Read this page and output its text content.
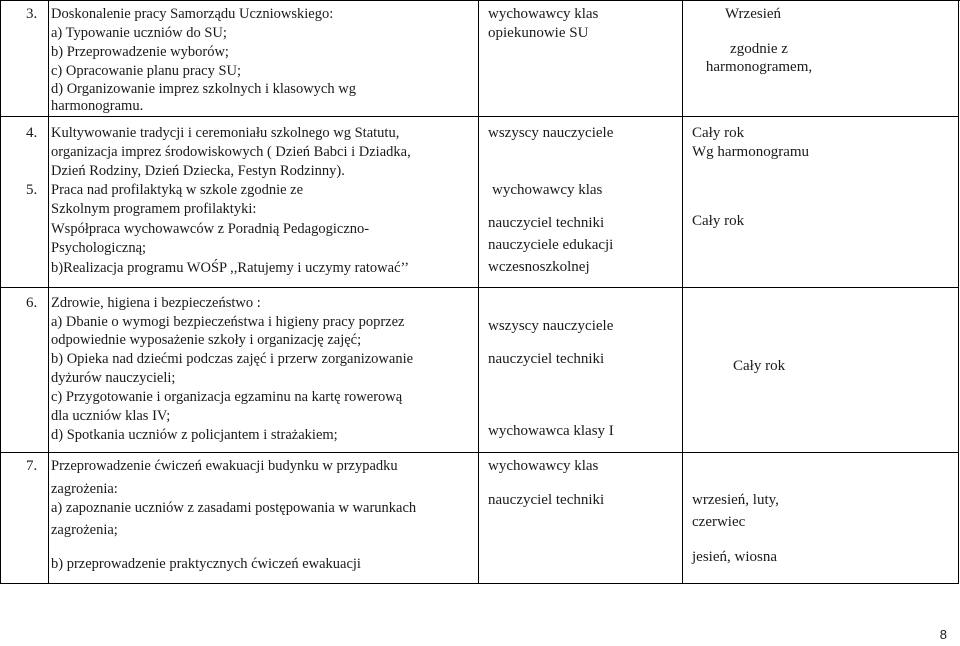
3. Doskonalenie pracy Samorządu Uczniowskiego:
a) Typowanie uczniów do SU;
b) Przeprowadzenie wyborów;
c) Opracowanie planu pracy SU;
d) Organizowanie imprez szkolnych i klasowych wg
harmonogramu.
wychowawcy klas
opiekunowie SU
Wrzesień
zgodnie z
harmonogramem,
4. Kultywowanie tradycji i ceremoniału szkolnego wg Statutu,
organizacja imprez środowiskowych ( Dzień Babci i Dziadka,
Dzień Rodziny, Dzień Dziecka, Festyn Rodzinny).
5. Praca nad profilaktyką w szkole zgodnie ze
Szkolnym programem profilaktyki:
Współpraca wychowawców z Poradnią Pedagogiczno-
Psychologiczną;
b)Realizacja programu WOŚP ,,Ratujemy i uczymy ratować’’
wszyscy nauczyciele
wychowawcy klas
nauczyciel techniki
nauczyciele edukacji
wczesnoszkolnej
Cały rok
Wg harmonogramu
Cały rok
6. Zdrowie, higiena i bezpieczeństwo :
a) Dbanie o wymogi bezpieczeństwa i higieny pracy poprzez
odpowiednie wyposażenie szkoły i organizację zajęć;
b) Opieka nad dziećmi podczas zajęć i przerw zorganizowanie
dyżurów nauczycieli;
c) Przygotowanie i organizacja egzaminu na kartę rowerową
dla uczniów klas IV;
d) Spotkania uczniów z policjantem i strażakiem;
wszyscy nauczyciele
nauczyciel techniki
wychowawca klasy I
Cały rok
7. Przeprowadzenie ćwiczeń ewakuacji budynku w przypadku
zagrożenia:
a) zapoznanie uczniów z zasadami postępowania w warunkach
zagrożenia;
b) przeprowadzenie praktycznych ćwiczeń ewakuacji
wychowawcy klas
nauczyciel techniki	wrzesień, luty,
czerwiec
jesień, wiosna
8
